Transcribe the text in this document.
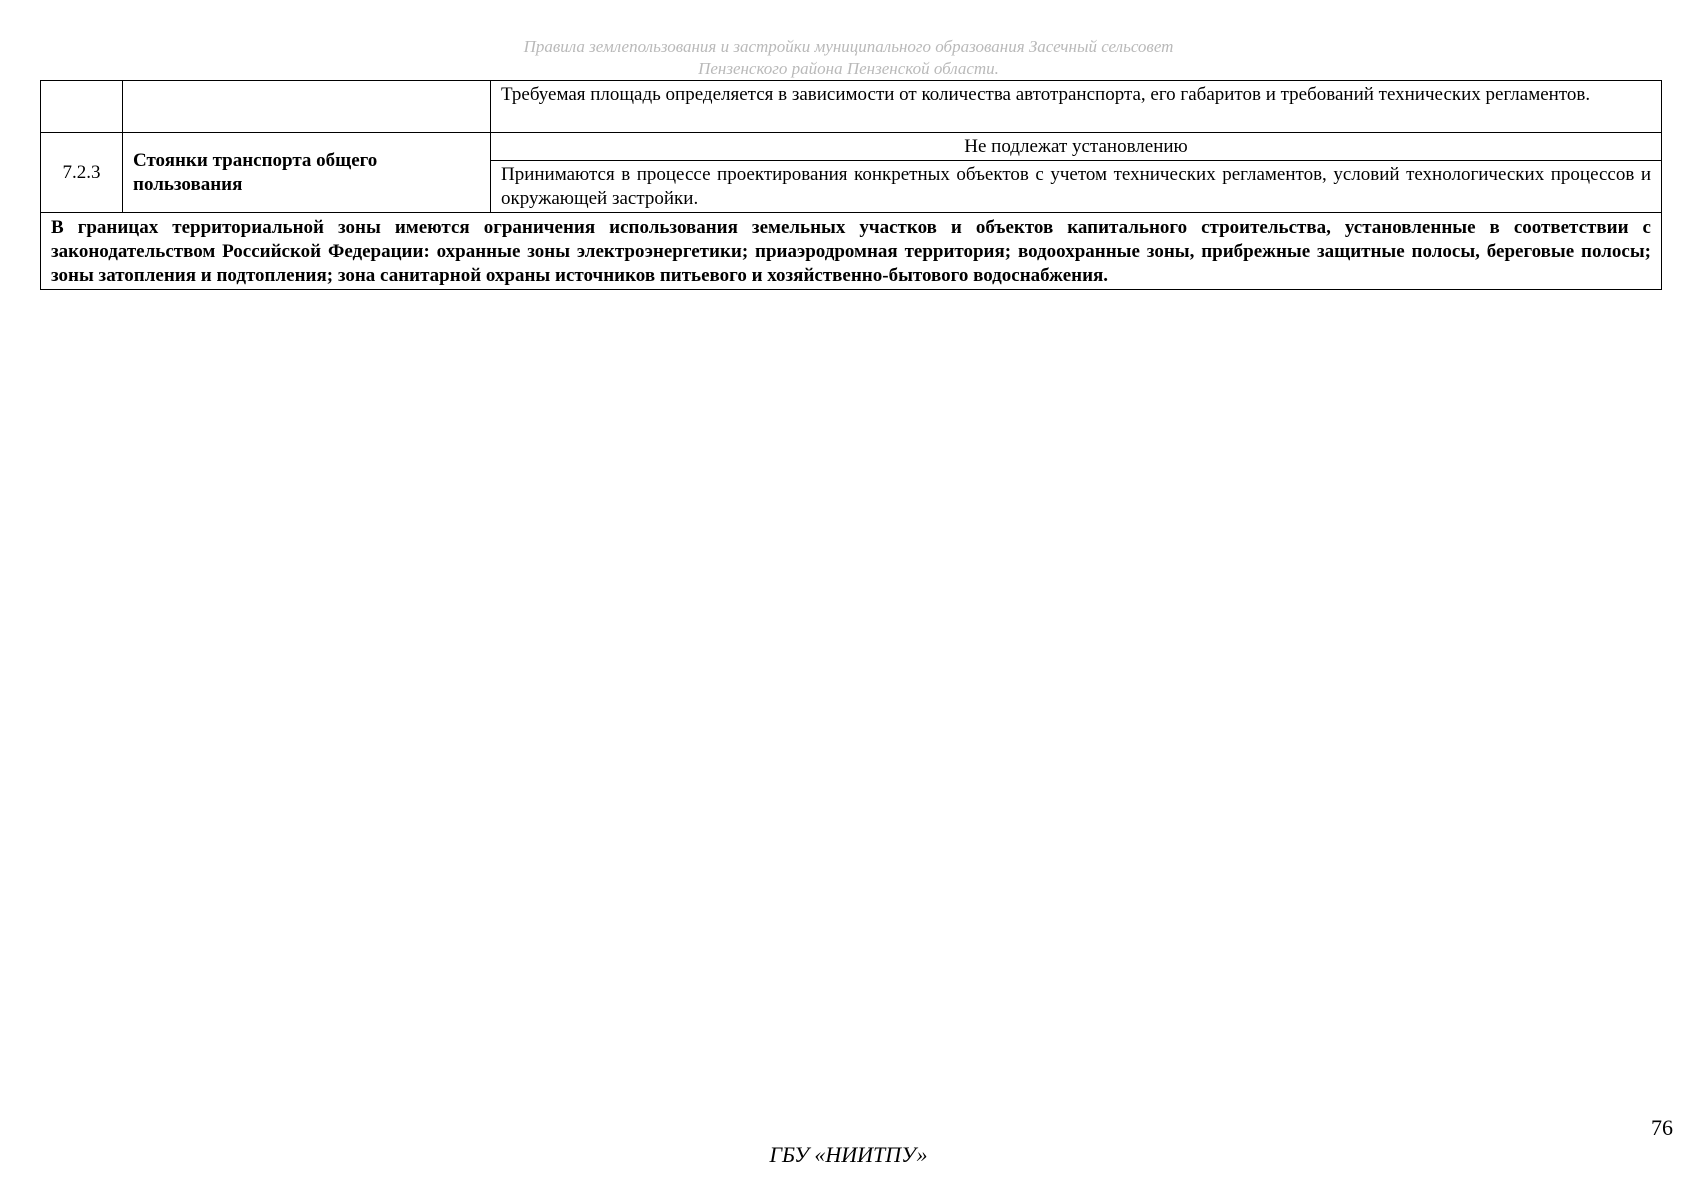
Правила землепользования и застройки муниципального образования Засечный сельсовет
Пензенского района Пензенской области.
		Требуемая площадь определяется в зависимости от количества автотранспорта, его габаритов и требований технических регламентов.
7.2.3	Стоянки транспорта общего пользования	Не подлежат установлению
		Принимаются в процессе проектирования конкретных объектов с учетом технических регламентов, условий технологических процессов и окружающей застройки.
В границах территориальной зоны имеются ограничения использования земельных участков и объектов капитального строительства, установленные в соответствии с законодательством Российской Федерации: охранные зоны электроэнергетики; приаэродромная территория; водоохранные зоны, прибрежные защитные полосы, береговые полосы; зоны затопления и подтопления; зона санитарной охраны источников питьевого и хозяйственно-бытового водоснабжения.		
76
ГБУ «НИИТПУ»
